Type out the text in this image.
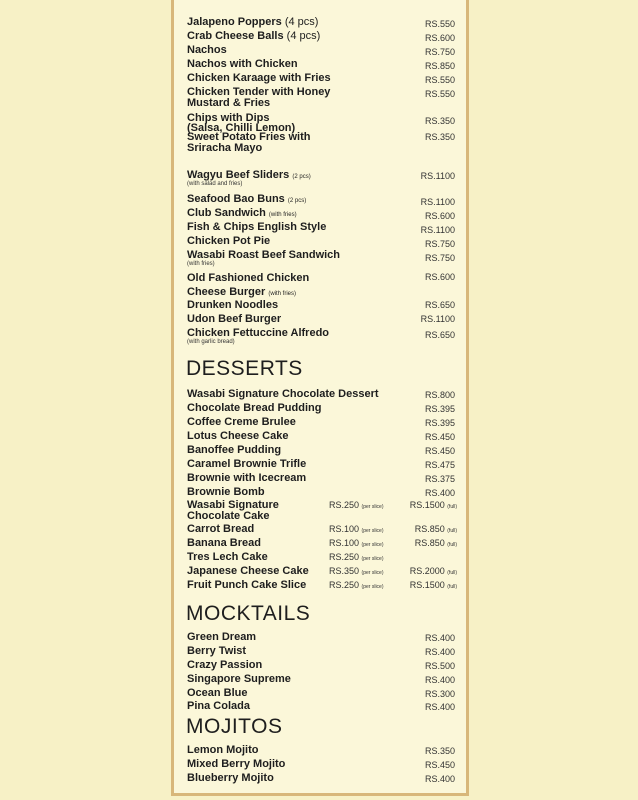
Jalapeno Poppers (4 pcs)	RS.550
Crab Cheese Balls (4 pcs)	RS.600
Nachos	RS.750
Nachos with Chicken	RS.850
Chicken Karaage with Fries	RS.550
Chicken Tender with Honey
Mustard & Fries
RS.550
Chips with Dips
(Salsa, Chilli Lemon)
RS.350
Sweet Potato Fries with
Sriracha Mayo
RS.350
Wagyu Beef Sliders (2 pcs)
(with salad and fries)
RS.1100
Seafood Bao Buns (2 pcs)	RS.1100
Club Sandwich (with fries)	RS.600
Fish & Chips English Style	RS.1100
Chicken Pot Pie	RS.750
Wasabi Roast Beef Sandwich
(with fries)
RS.750
Old Fashioned Chicken	RS.600
Cheese Burger (with fries)
Drunken Noodles	RS.650
Udon Beef Burger	RS.1100
Chicken Fettuccine Alfredo
(with garlic bread)
RS.650
DESSERTS
Wasabi Signature Chocolate Dessert	RS.800
Chocolate Bread Pudding	RS.395
Coffee Creme Brulee	RS.395
Lotus Cheese Cake	RS.450
Banoffee Pudding	RS.450
Caramel Brownie Trifle	RS.475
Brownie with Icecream	RS.375
Brownie Bomb	RS.400
Wasabi Signature
Chocolate Cake
RS.250 (per slice)	RS.1500 (full)
Carrot Bread	RS.100 (per slice)	RS.850 (full)
Banana Bread	RS.100 (per slice)	RS.850 (full)
Tres Lech Cake	RS.250 (per slice)
Japanese Cheese Cake RS.350 (per slice)	RS.2000 (full)
Fruit Punch Cake Slice	RS.250 (per slice)	RS.1500 (full)
MOCKTAILS
Green Dream	RS.400
Berry Twist	RS.400
Crazy Passion	RS.500
Singapore Supreme	RS.400
Ocean Blue	RS.300
Pina Colada	RS.400
MOJITOS
Lemon Mojito	RS.350
Mixed Berry Mojito	RS.450
Blueberry Mojito	RS.400
